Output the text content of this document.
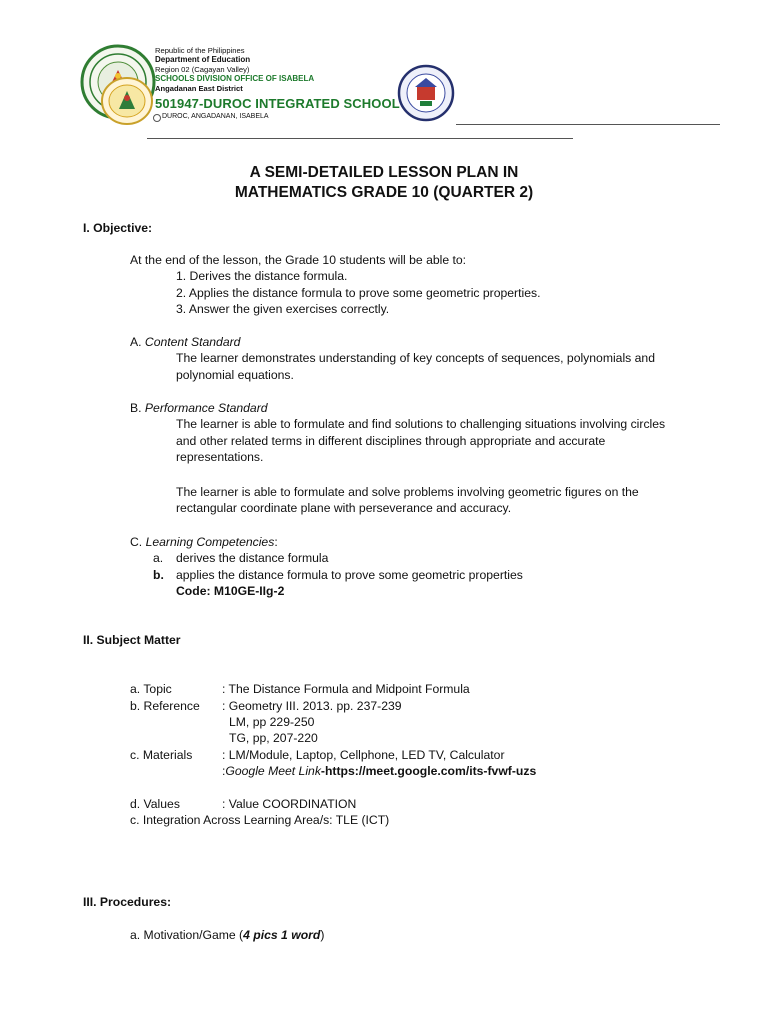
Republic of the Philippines
Department of Education
Region 02 (Cagayan Valley)
SCHOOLS DIVISION OFFICE OF ISABELA
Angadanan East District
501947-DUROC INTEGRATED SCHOOL
DUROC, ANGADANAN, ISABELA
A SEMI-DETAILED LESSON PLAN IN
MATHEMATICS GRADE 10 (QUARTER 2)
I. Objective:
At the end of the lesson, the Grade 10 students will be able to:
1. Derives the distance formula.
2. Applies the distance formula to prove some geometric properties.
3. Answer the given exercises correctly.
A. Content Standard
The learner demonstrates understanding of key concepts of sequences, polynomials and
polynomial equations.
B. Performance Standard
The learner is able to formulate and find solutions to challenging situations involving circles
and other related terms in different disciplines through appropriate and accurate
representations.
The learner is able to formulate and solve problems involving geometric figures on the
rectangular coordinate plane with perseverance and accuracy.
C. Learning Competencies:
a. derives the distance formula
b. applies the distance formula to prove some geometric properties
Code: M10GE-IIg-2
II. Subject Matter
a. Topic	: The Distance Formula and Midpoint Formula
b. Reference : Geometry III. 2013. pp. 237-239
LM, pp 229-250
TG, pp, 207-220
c. Materials : LM/Module, Laptop, Cellphone, LED TV, Calculator
:Google Meet Link-https://meet.google.com/its-fvwf-uzs
d. Values	: Value COORDINATION
c. Integration Across Learning Area/s: TLE (ICT)
III. Procedures:
a. Motivation/Game (4 pics 1 word)
